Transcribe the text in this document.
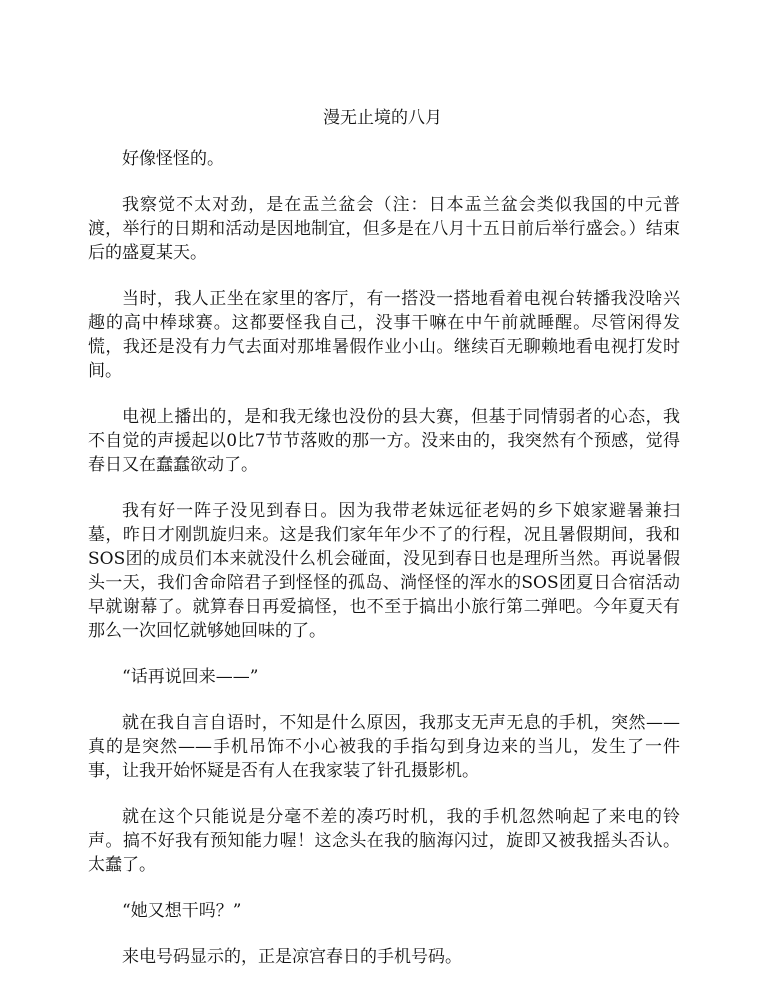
漫无止境的八月

好像怪怪的。

我察觉不太对劲，是在盂兰盆会（注：日本盂兰盆会类似我国的中元普渡，举行的日期和活动是因地制宜，但多是在八月十五日前后举行盛会。）结束后的盛夏某天。

当时，我人正坐在家里的客厅，有一搭没一搭地看着电视台转播我没啥兴趣的高中棒球赛。这都要怪我自己，没事干嘛在中午前就睡醒。尽管闲得发慌，我还是没有力气去面对那堆暑假作业小山。继续百无聊赖地看电视打发时间。

电视上播出的，是和我无缘也没份的县大赛，但基于同情弱者的心态，我不自觉的声援起以0比7节节落败的那一方。没来由的，我突然有个预感，觉得春日又在蠢蠢欲动了。

我有好一阵子没见到春日。因为我带老妹远征老妈的乡下娘家避暑兼扫墓，昨日才刚凯旋归来。这是我们家年年少不了的行程，况且暑假期间，我和SOS团的成员们本来就没什么机会碰面，没见到春日也是理所当然。再说暑假头一天，我们舍命陪君子到怪怪的孤岛、淌怪怪的浑水的SOS团夏日合宿活动早就谢幕了。就算春日再爱搞怪，也不至于搞出小旅行第二弹吧。今年夏天有那么一次回忆就够她回味的了。

“话再说回来——”

就在我自言自语时，不知是什么原因，我那支无声无息的手机，突然——真的是突然——手机吊饰不小心被我的手指勾到身边来的当儿，发生了一件事，让我开始怀疑是否有人在我家装了针孔摄影机。

就在这个只能说是分毫不差的凑巧时机，我的手机忽然响起了来电的铃声。搞不好我有预知能力喔！这念头在我的脑海闪过，旋即又被我摇头否认。太蠢了。

“她又想干吗？”

来电号码显示的，正是凉宫春日的手机号码。
